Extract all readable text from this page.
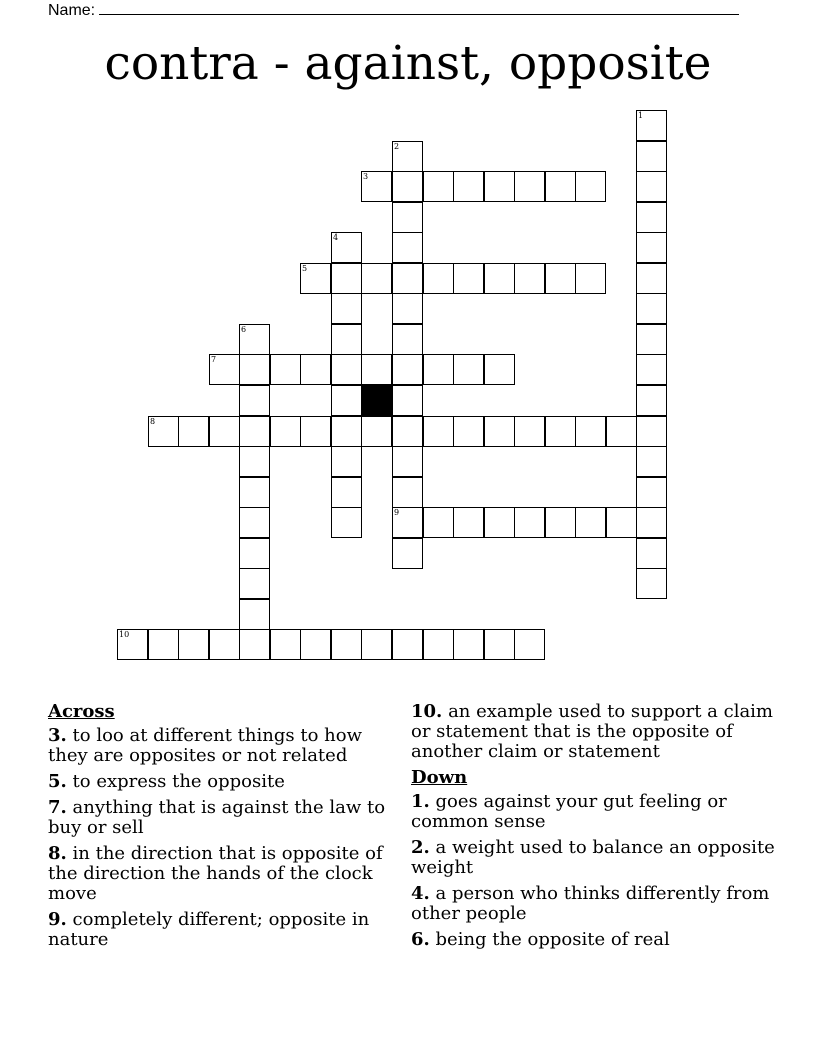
Name:
contra - against, opposite
1
2
9
3
4
5
6
7
8
10
Across
3. to loo at different things to how they are opposites or not related
5. to express the opposite
7. anything that is against the law to buy or sell
8. in the direction that is opposite of the direction the hands of the clock move
9. completely different; opposite in nature
10. an example used to support a claim or statement that is the opposite of another claim or statement
Down
1. goes against your gut feeling or common sense
2. a weight used to balance an opposite weight
4. a person who thinks differently from other people
6. being the opposite of real
